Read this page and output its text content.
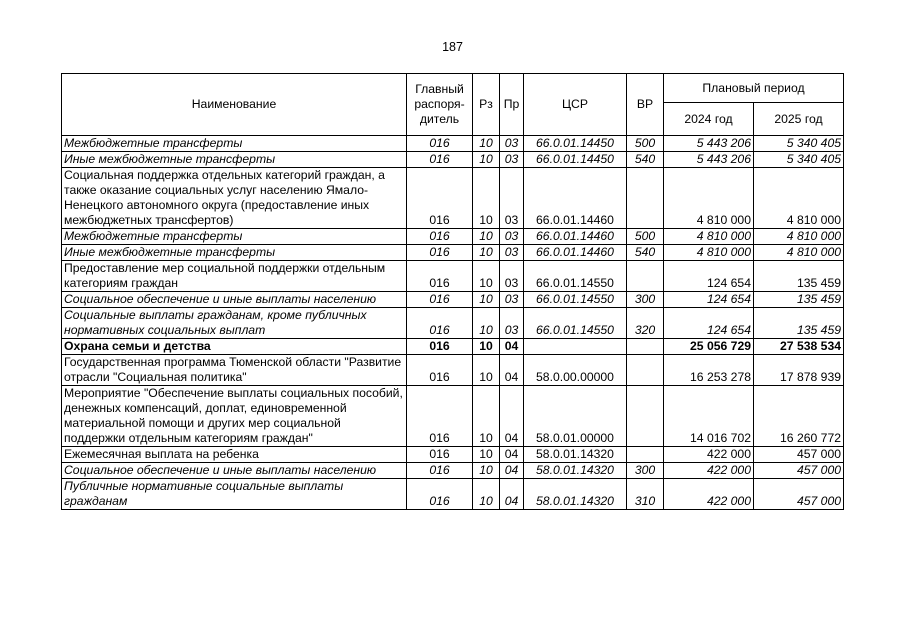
187
Наименование	Главный распоря-дитель	Рз	Пр	ЦСР	ВР	Плановый период	
						2024 год	2025 год
Межбюджетные трансферты	016	10	03	66.0.01.14450	500	5 443 206	5 340 405
Иные межбюджетные трансферты	016	10	03	66.0.01.14450	540	5 443 206	5 340 405
Социальная поддержка отдельных категорий граждан, а также оказание социальных услуг населению Ямало-Ненецкого автономного округа (предоставление иных межбюджетных трансфертов)	016	10	03	66.0.01.14460		4 810 000	4 810 000
Межбюджетные трансферты	016	10	03	66.0.01.14460	500	4 810 000	4 810 000
Иные межбюджетные трансферты	016	10	03	66.0.01.14460	540	4 810 000	4 810 000
Предоставление мер социальной поддержки отдельным категориям граждан	016	10	03	66.0.01.14550		124 654	135 459
Социальное обеспечение и иные выплаты населению	016	10	03	66.0.01.14550	300	124 654	135 459
Социальные выплаты гражданам, кроме публичных нормативных социальных выплат	016	10	03	66.0.01.14550	320	124 654	135 459
Охрана семьи и детства	016	10	04			25 056 729	27 538 534
Государственная программа Тюменской области "Развитие отрасли "Социальная политика"	016	10	04	58.0.00.00000		16 253 278	17 878 939
Мероприятие "Обеспечение выплаты социальных пособий, денежных компенсаций, доплат, единовременной материальной помощи и других мер социальной поддержки отдельным категориям граждан"	016	10	04	58.0.01.00000		14 016 702	16 260 772
Ежемесячная выплата на ребенка	016	10	04	58.0.01.14320		422 000	457 000
Социальное обеспечение и иные выплаты населению	016	10	04	58.0.01.14320	300	422 000	457 000
Публичные нормативные социальные выплаты гражданам	016	10	04	58.0.01.14320	310	422 000	457 000
